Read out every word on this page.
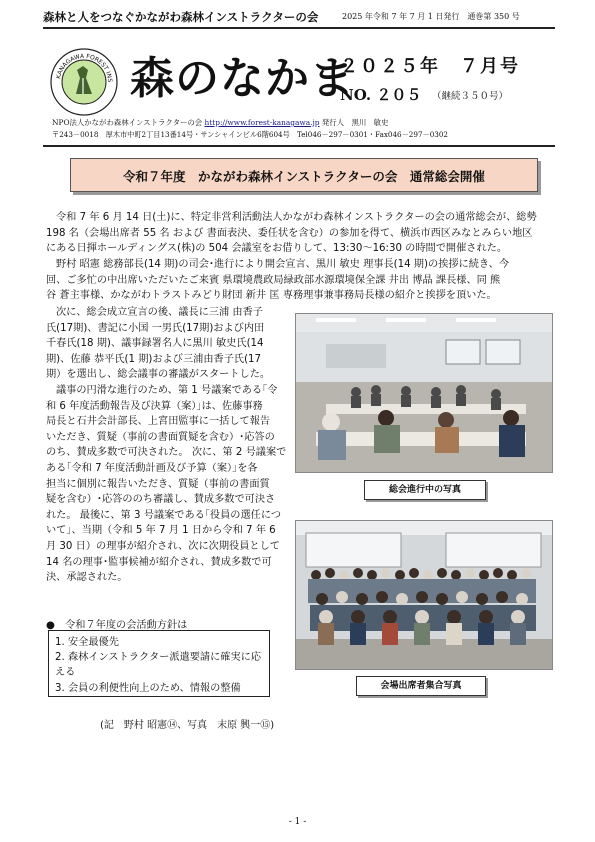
森林と人をつなぐかながわ森林インストラクターの会	2025 年令和 7 年 7 月 1 日発行　通巻第 350 号
KANAGAWA FOREST INS 森のなかま
２０２５年　７月号
NO. ２０５ （継続３５０号）
NPO法人かながわ森林インストラクターの会 http://www.forest-kanagawa.jp 発行人　黒川　敏史
〒243－0018　厚木市中町2丁目13番14号・サンシャインビル6階604号　Tel046－297－0301・Fax046－297－0302
令和７年度　かながわ森林インストラクターの会　通常総会開催
令和 7 年 6 月 14 日(土)に、特定非営利活動法人かながわ森林インストラクターの会の通常総会が、総勢
198 名（会場出席者 55 名 および 書面表決、委任状を含む）の参加を得て、横浜市西区みなとみらい地区
にある日揮ホールディングス(株)の 504 会議室をお借りして、13:30～16:30 の時間で開催された。
野村 昭憲 総務部長(14 期)の司会･進行により開会宣言、黒川 敏史 理事長(14 期)の挨拶に続き、今
回、ご多忙の中出席いただいたご来賓 県環境農政局緑政部水源環境保全課 井出 博晶 課長様、同 熊
谷 蒼主事様、かながわトラストみどり財団 新井 匡 専務理事兼事務局長様の紹介と挨拶を頂いた。
次に、総会成立宣言の後、議長に三浦 由香子
氏(17期)、書記に小国 一男氏(17期)および内田
千春氏(18 期)、議事録署名人に黒川 敏史氏(14
期)、佐藤 恭平氏(1 期)および三浦由香子氏(17
期）を選出し、総会議事の審議がスタートした。
議事の円滑な進行のため、第 1 号議案である｢令
和 6 年度活動報告及び決算（案）｣は、佐藤事務
局長と石井会計部長、上宮田監事に一括して報告
いただき、質疑（事前の書面質疑を含む）･応答の
のち、賛成多数で可決された。 次に、第 2 号議案で
ある｢令和 7 年度活動計画及び予算（案）｣を各
担当に個別に報告いただき、質疑（事前の書面質
疑を含む）･応答ののち審議し、賛成多数で可決さ
れた。 最後に、第 3 号議案である｢役員の選任につ
いて｣、当期（令和 5 年 7 月 1 日から令和 7 年 6
月 30 日）の理事が紹介され、次に次期役員として
14 名の理事･監事候補が紹介され、賛成多数で可
決、承認された。
総会進行中の写真
会場出席者集合写真
●　令和７年度の会活動方針は
1. 安全最優先
2. 森林インストラクター派遣要請に確実に応
える
3. 会員の利便性向上のため、情報の整備
(記　野村 昭憲⑭、写真　末原 興一⑮)
- 1 -
